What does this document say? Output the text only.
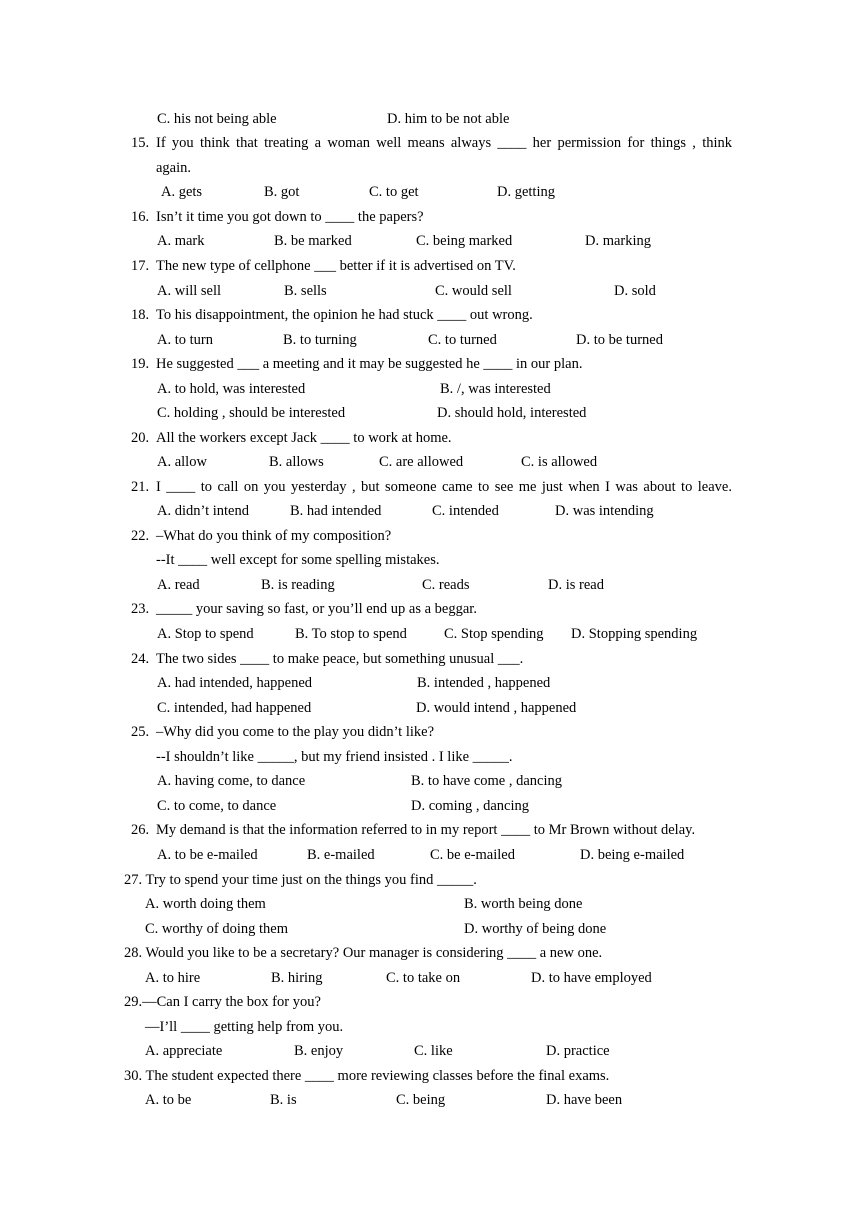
C. his not being able	D. him to be not able
15. If you think that treating a woman well means always ____ her permission for things , think
again.
A. gets	B. got	C. to get	D. getting
16. Isn’t it time you got down to ____ the papers?
A. mark	B. be marked	C. being marked	D. marking
17. The new type of cellphone ___ better if it is advertised on TV.
A. will sell	B. sells	C. would sell	D. sold
18. To his disappointment, the opinion he had stuck ____ out wrong.
A. to turn	B. to turning	C. to turned	D. to be turned
19. He suggested ___ a meeting and it may be suggested he ____ in our plan.
A. to hold, was interested	B. /, was interested
C. holding , should be interested	D. should hold, interested
20. All the workers except Jack ____ to work at home.
A. allow	B. allows	C. are allowed	C. is allowed
21. I ____ to call on you yesterday , but someone came to see me just when I was about to leave.
A. didn’t intend	B. had intended	C. intended	D. was intending
22. –What do you think of my composition?
--It ____ well except for some spelling mistakes.
A. read	B. is reading	C. reads	D. is read
23. _____ your saving so fast, or you’ll end up as a beggar.
A. Stop to spend	B. To stop to spend	C. Stop spending D. Stopping spending
24. The two sides ____ to make peace, but something unusual ___.
A. had intended, happened	B. intended , happened
C. intended, had happened	D. would intend , happened
25. –Why did you come to the play you didn’t like?
--I shouldn’t like _____, but my friend insisted . I like _____.
A. having come, to dance	B. to have come , dancing
C. to come, to dance	D. coming , dancing
26. My demand is that the information referred to in my report ____ to Mr Brown without delay.
A. to be e-mailed	B. e-mailed	C. be e-mailed	D. being e-mailed
27. Try to spend your time just on the things you find _____.
A. worth doing them	B. worth being done
C. worthy of doing them	D. worthy of being done
28. Would you like to be a secretary? Our manager is considering ____ a new one.
A. to hire	B. hiring	C. to take on	D. to have employed
29.—Can I carry the box for you?
—I’ll ____ getting help from you.
A. appreciate	B. enjoy	C. like	D. practice
30. The student expected there ____ more reviewing classes before the final exams.
A. to be	B. is	C. being	D. have been
